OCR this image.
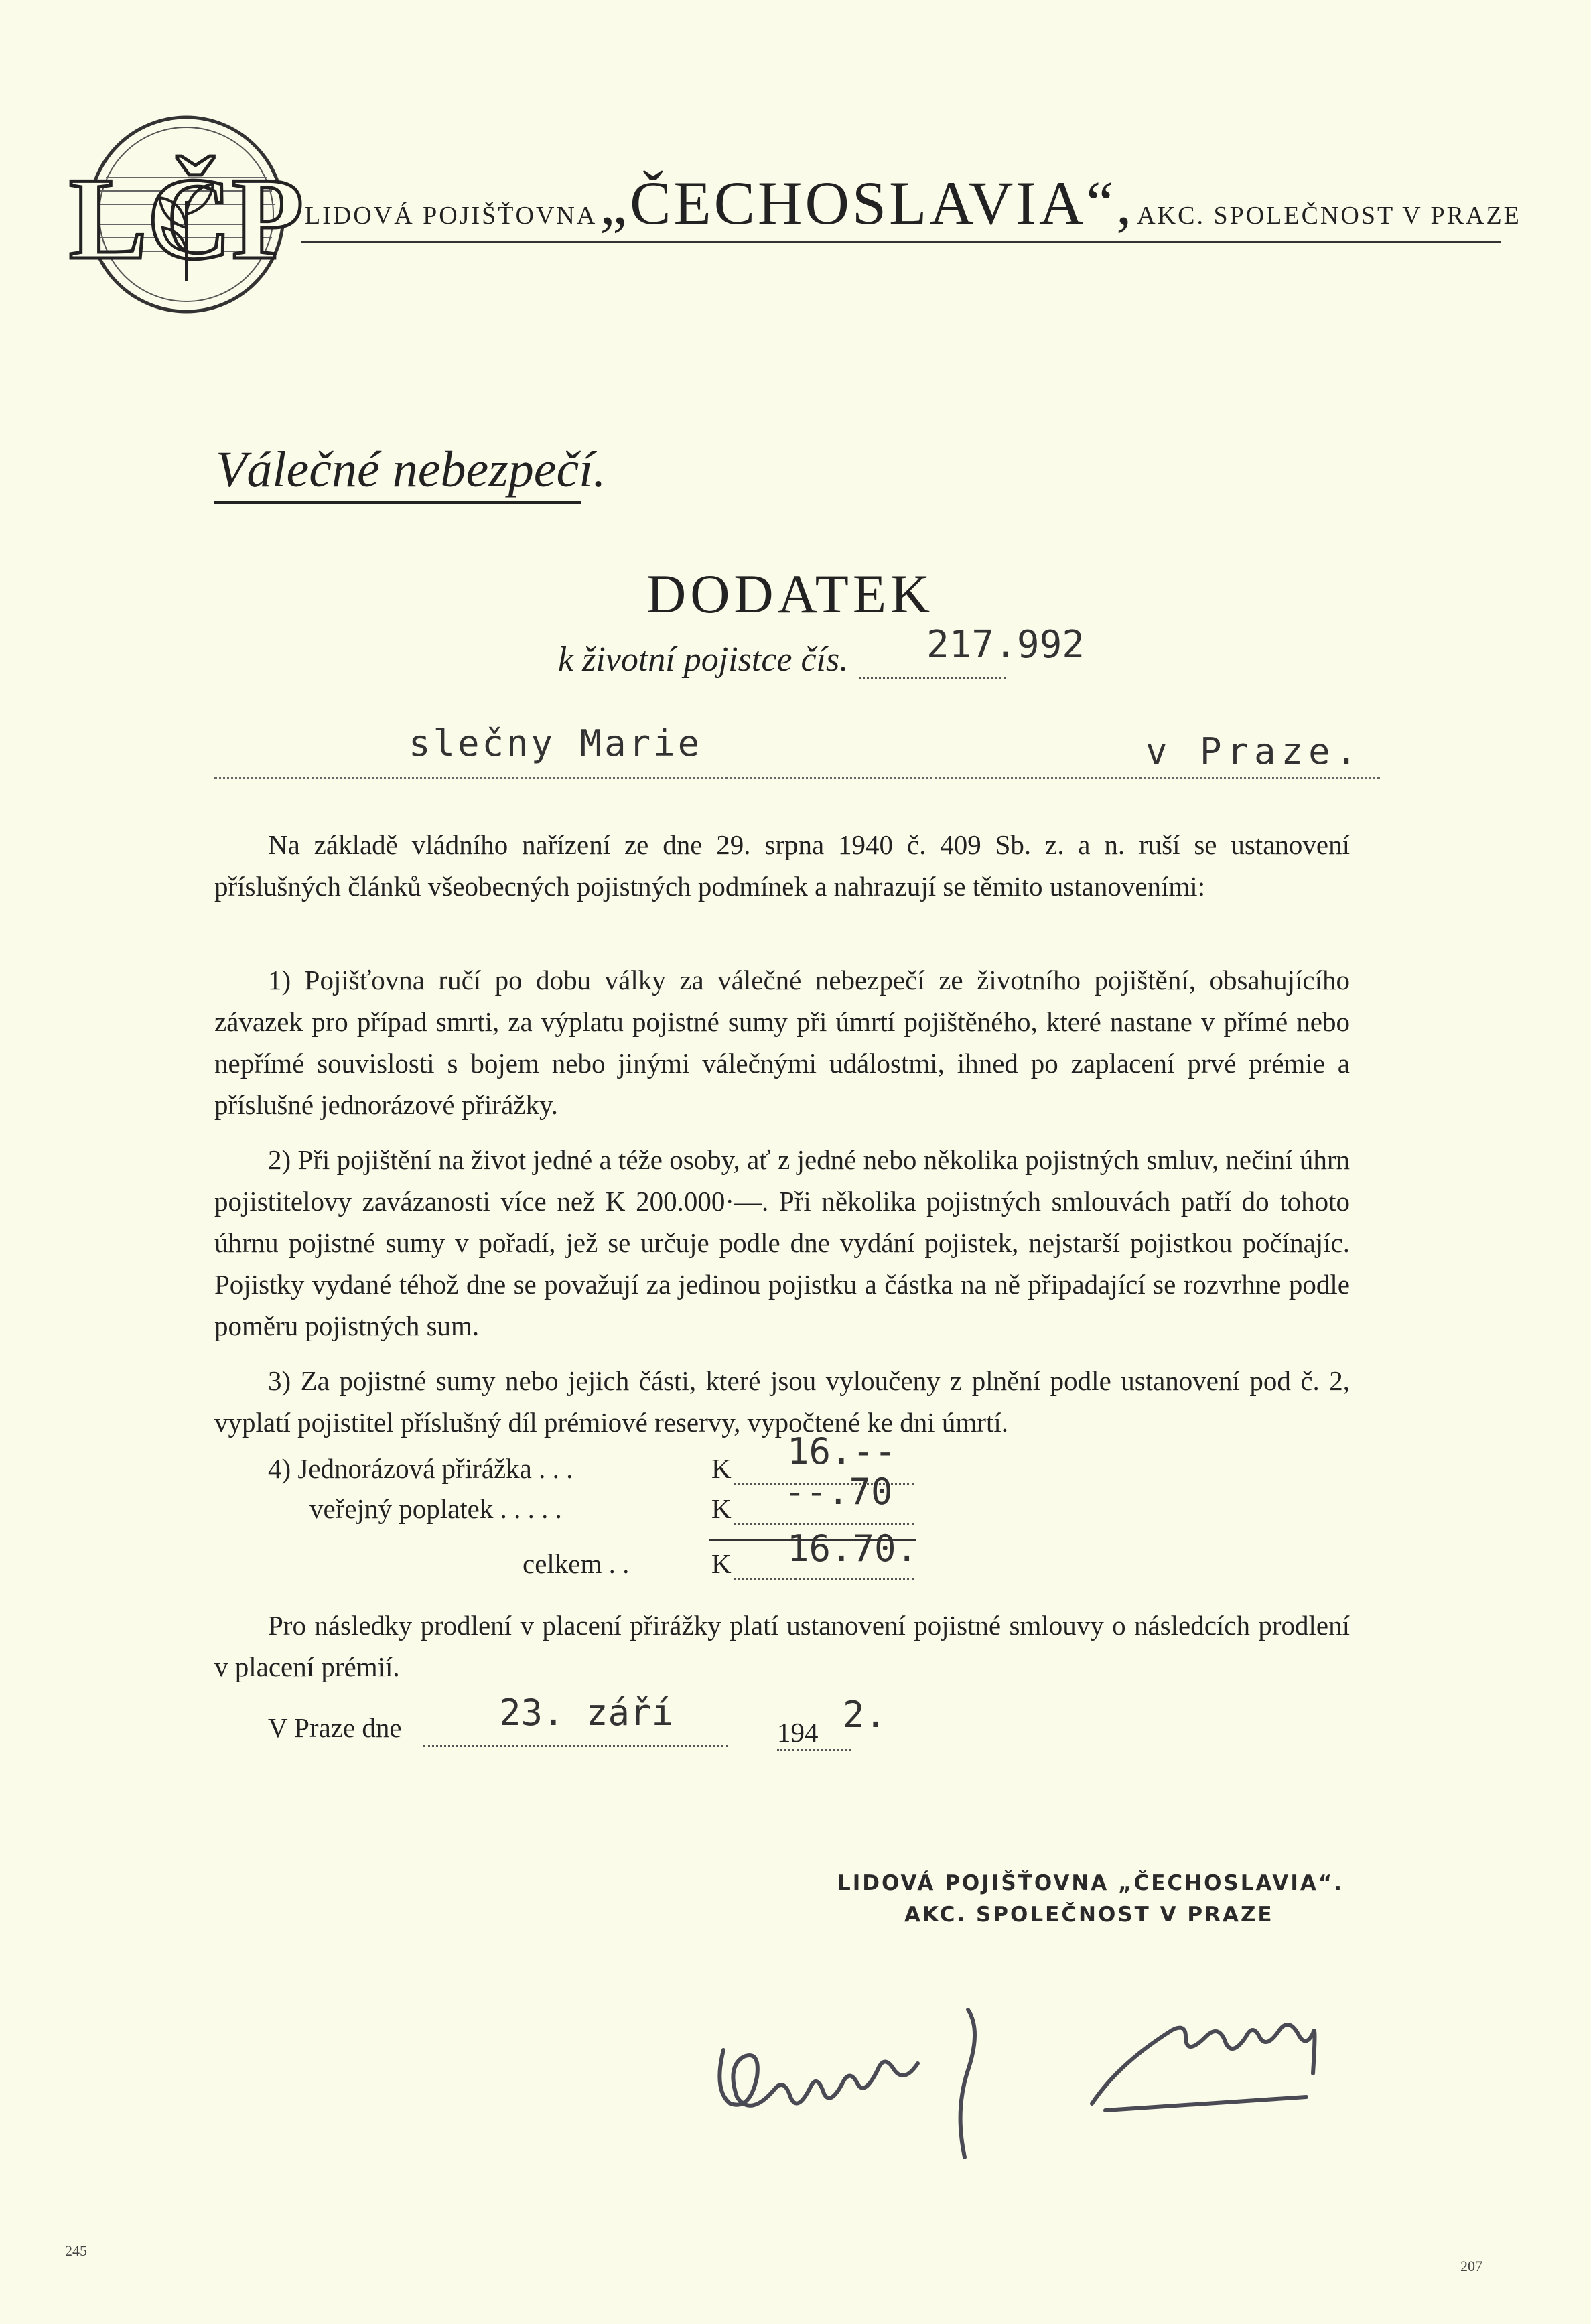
LČP LIDOVÁ POJIŠŤOVNA „ČECHOSLAVIA“, AKC. SPOLEČNOST V PRAZE
Válečné nebezpečí.
DODATEK
k životní pojistce čís. 217.992
slečny Marie	v Praze.
Na základě vládního nařízení ze dne 29. srpna 1940 č. 409 Sb. z. a n. ruší se ustanovení příslušných článků všeobecných pojistných podmínek a nahrazují se těmito ustanoveními:
1) Pojišťovna ručí po dobu války za válečné nebezpečí ze životního pojištění, obsahujícího závazek pro případ smrti, za výplatu pojistné sumy při úmrtí pojištěného, které nastane v přímé nebo nepřímé souvislosti s bojem nebo jinými válečnými událostmi, ihned po zaplacení prvé prémie a příslušné jednorázové přirážky.
2) Při pojištění na život jedné a téže osoby, ať z jedné nebo několika pojistných smluv, nečiní úhrn pojistitelovy zavázanosti více než K 200.000·—. Při několika pojistných smlouvách patří do tohoto úhrnu pojistné sumy v pořadí, jež se určuje podle dne vydání pojistek, nejstarší pojistkou počínajíc. Pojistky vydané téhož dne se považují za jedinou pojistku a částka na ně připadající se rozvrhne podle poměru pojistných sum.
3) Za pojistné sumy nebo jejich části, které jsou vyloučeny z plnění podle ustanovení pod č. 2, vyplatí pojistitel příslušný díl prémiové reservy, vypočtené ke dni úmrtí.
4) Jednorázová přirážka . . .	K 16.--
veřejný poplatek . . . . .	K --.70
celkem . .	K 16.70.
Pro následky prodlení v placení přirážky platí ustanovení pojistné smlouvy o následcích prodlení v placení prémií.
V Praze dne	23. září	194 2.
LIDOVÁ POJIŠŤOVNA „ČECHOSLAVIA“.
AKC. SPOLEČNOST V PRAZE
245
207
